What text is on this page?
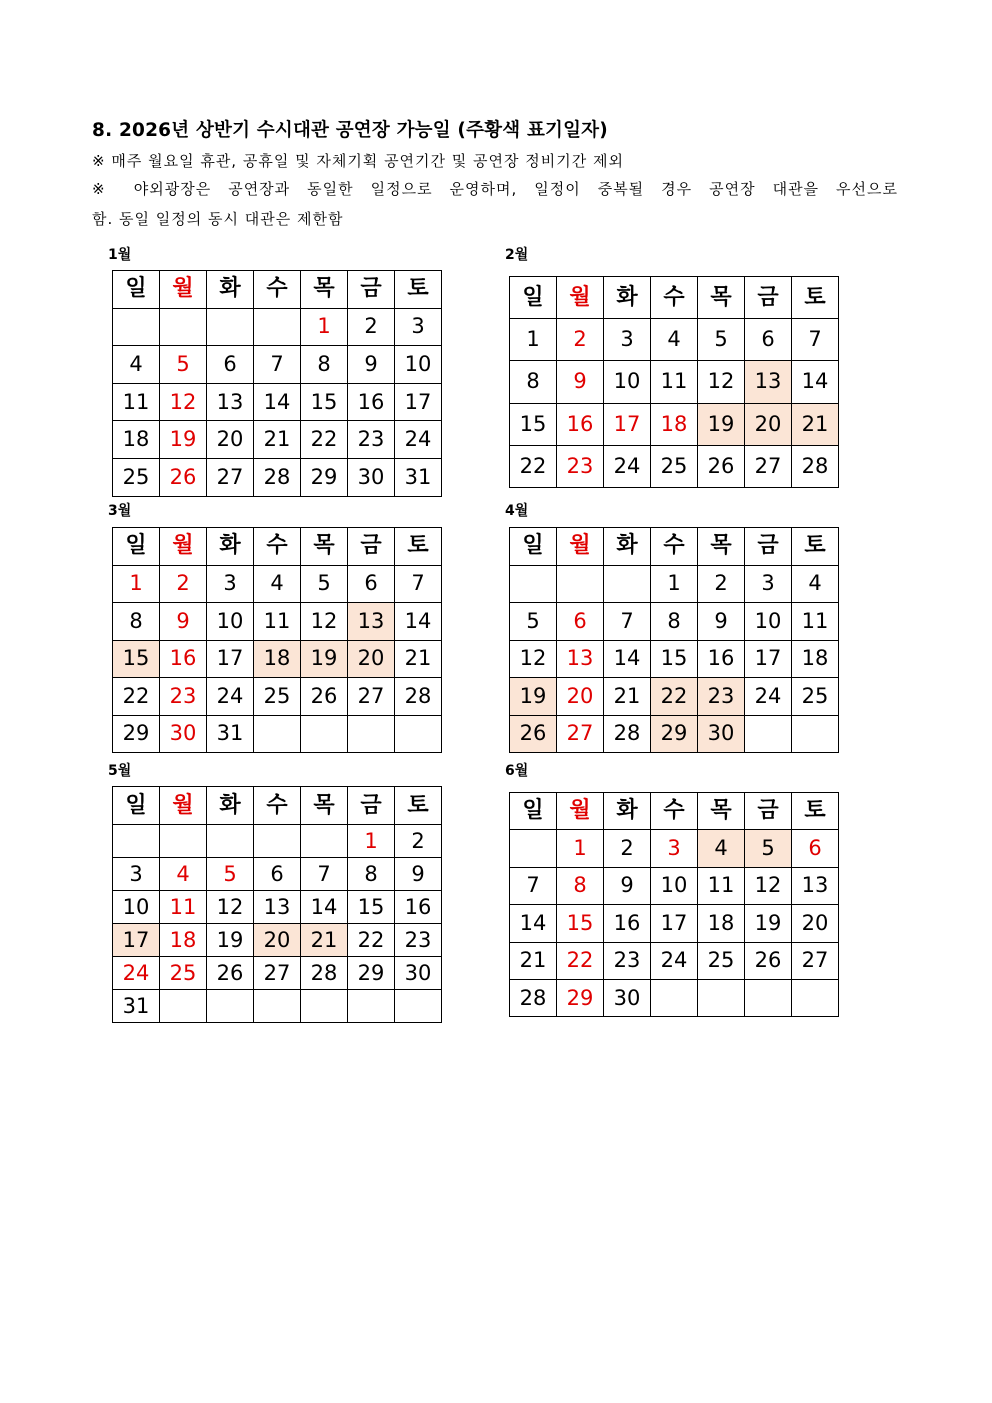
8. 2026년 상반기 수시대관 공연장 가능일 (주황색 표기일자)
※ 매주 월요일 휴관, 공휴일 및 자체기획 공연기간 및 공연장 정비기간 제외
※ 야외광장은 공연장과 동일한 일정으로 운영하며, 일정이 중복될 경우 공연장 대관을 우선으로
함. 동일 일정의 동시 대관은 제한함
1월
일	월	화	수	목	금	토
				1	2	3
4	5	6	7	8	9	10
11	12	13	14	15	16	17
18	19	20	21	22	23	24
25	26	27	28	29	30	31
2월
일	월	화	수	목	금	토
1	2	3	4	5	6	7
8	9	10	11	12	13	14
15	16	17	18	19	20	21
22	23	24	25	26	27	28
3월
일	월	화	수	목	금	토
1	2	3	4	5	6	7
8	9	10	11	12	13	14
15	16	17	18	19	20	21
22	23	24	25	26	27	28
29	30	31				
4월
일	월	화	수	목	금	토
			1	2	3	4
5	6	7	8	9	10	11
12	13	14	15	16	17	18
19	20	21	22	23	24	25
26	27	28	29	30		
5월
일	월	화	수	목	금	토
					1	2
3	4	5	6	7	8	9
10	11	12	13	14	15	16
17	18	19	20	21	22	23
24	25	26	27	28	29	30
31						
6월
일	월	화	수	목	금	토
	1	2	3	4	5	6
7	8	9	10	11	12	13
14	15	16	17	18	19	20
21	22	23	24	25	26	27
28	29	30				
